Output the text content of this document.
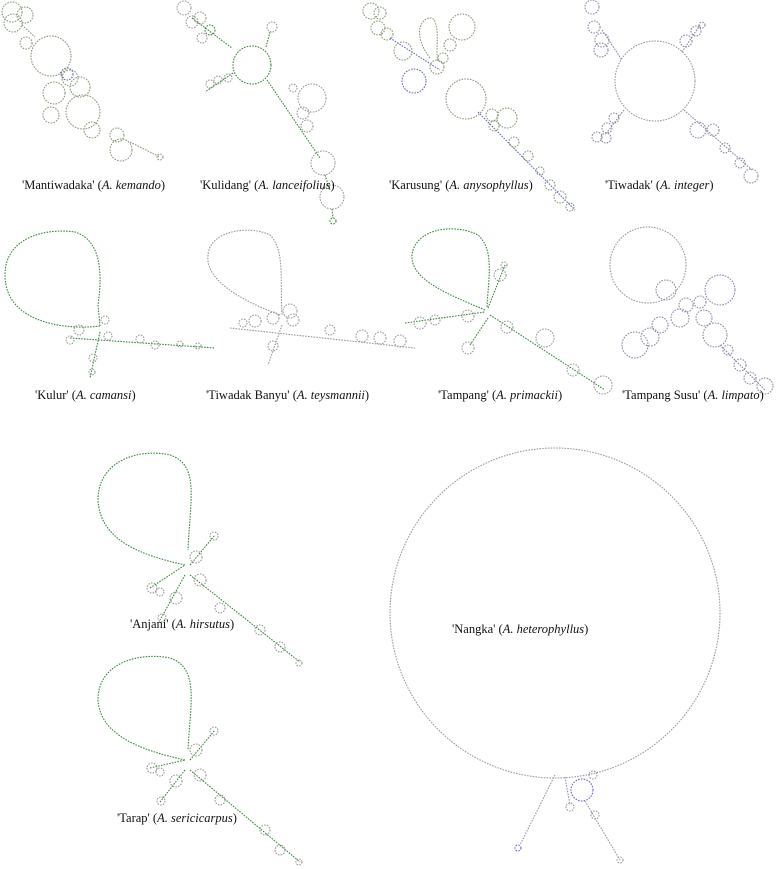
'Mantiwadaka' (A. kemando)	'Kulidang' (A. lanceifolius)	'Karusung' (A. anysophyllus)	'Tiwadak' (A. integer)
'Kulur' (A. camansi)	'Tiwadak Banyu' (A. teysmannii)	'Tampang' (A. primackii)	'Tampang Susu' (A. limpato)
'Anjani' (A. hirsutus)
'Tarap' (A. sericicarpus)
'Nangka' (A. heterophyllus)
